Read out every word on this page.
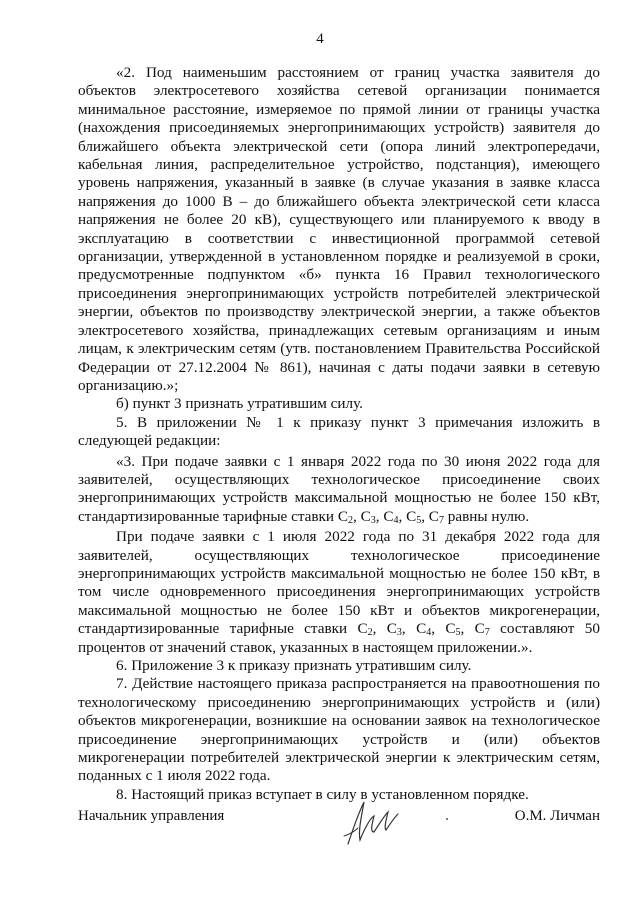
4

«2. Под наименьшим расстоянием от границ участка заявителя до объектов электросетевого хозяйства сетевой организации понимается минимальное расстояние, измеряемое по прямой линии от границы участка (нахождения присоединяемых энергопринимающих устройств) заявителя до ближайшего объекта электрической сети (опора линий электропередачи, кабельная линия, распределительное устройство, подстанция), имеющего уровень напряжения, указанный в заявке (в случае указания в заявке класса напряжения до 1000 В – до ближайшего объекта электрической сети класса напряжения не более 20 кВ), существующего или планируемого к вводу в эксплуатацию в соответствии с инвестиционной программой сетевой организации, утвержденной в установленном порядке и реализуемой в сроки, предусмотренные подпунктом «б» пункта 16 Правил технологического присоединения энергопринимающих устройств потребителей электрической энергии, объектов по производству электрической энергии, а также объектов электросетевого хозяйства, принадлежащих сетевым организациям и иным лицам, к электрическим сетям (утв. постановлением Правительства Российской Федерации от 27.12.2004 № 861), начиная с даты подачи заявки в сетевую организацию.»;

б) пункт 3 признать утратившим силу.

5. В приложении № 1 к приказу пункт 3 примечания изложить в следующей редакции:

«3. При подаче заявки с 1 января 2022 года по 30 июня 2022 года для заявителей, осуществляющих технологическое присоединение своих энергопринимающих устройств максимальной мощностью не более 150 кВт, стандартизированные тарифные ставки $С_2$, $С_3$, $С_4$, $С_5$, $С_7$ равны нулю.

При подаче заявки с 1 июля 2022 года по 31 декабря 2022 года для заявителей, осуществляющих технологическое присоединение энергопринимающих устройств максимальной мощностью не более 150 кВт, в том числе одновременного присоединения энергопринимающих устройств максимальной мощностью не более 150 кВт и объектов микрогенерации, стандартизированные тарифные ставки $С_2$, $С_3$, $С_4$, $С_5$, $С_7$ составляют 50 процентов от значений ставок, указанных в настоящем приложении.».

6. Приложение 3 к приказу признать утратившим силу.

7. Действие настоящего приказа распространяется на правоотношения по технологическому присоединению энергопринимающих устройств и (или) объектов микрогенерации, возникшие на основании заявок на технологическое присоединение энергопринимающих устройств и (или) объектов микрогенерации потребителей электрической энергии к электрическим сетям, поданных с 1 июля 2022 года.

8. Настоящий приказ вступает в силу в установленном порядке.

Начальник управления	О.М. Личман
